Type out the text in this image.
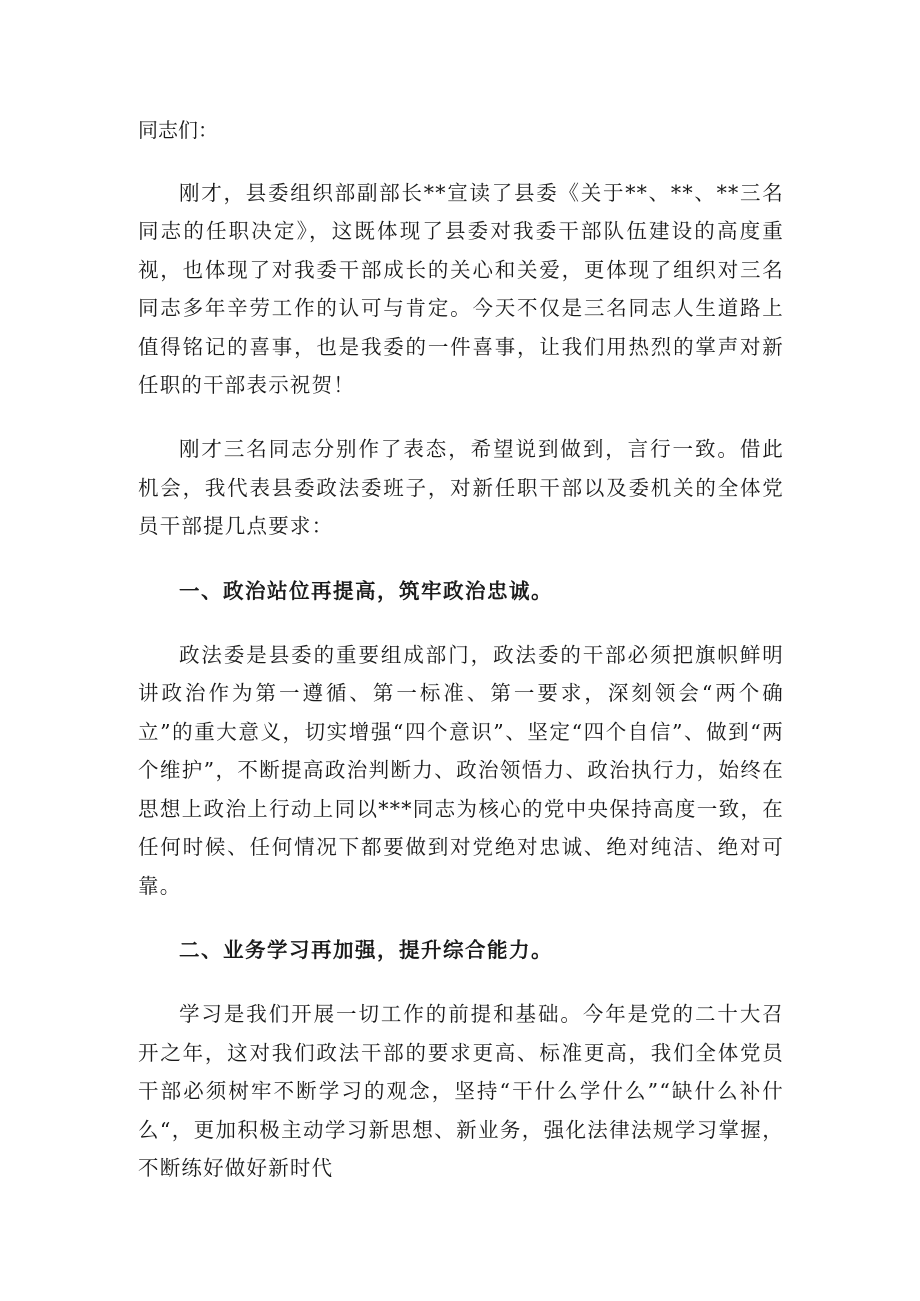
同志们：

刚才，县委组织部副部长**宣读了县委《关于**、**、**三名同志的任职决定》，这既体现了县委对我委干部队伍建设的高度重视，也体现了对我委干部成长的关心和关爱，更体现了组织对三名同志多年辛劳工作的认可与肯定。今天不仅是三名同志人生道路上值得铭记的喜事，也是我委的一件喜事，让我们用热烈的掌声对新任职的干部表示祝贺！

刚才三名同志分别作了表态，希望说到做到，言行一致。借此机会，我代表县委政法委班子，对新任职干部以及委机关的全体党员干部提几点要求：

一、政治站位再提高，筑牢政治忠诚。

政法委是县委的重要组成部门，政法委的干部必须把旗帜鲜明讲政治作为第一遵循、第一标准、第一要求，深刻领会“两个确立”的重大意义，切实增强“四个意识”、坚定“四个自信”、做到“两个维护”，不断提高政治判断力、政治领悟力、政治执行力，始终在思想上政治上行动上同以***同志为核心的党中央保持高度一致，在任何时候、任何情况下都要做到对党绝对忠诚、绝对纯洁、绝对可靠。

二、业务学习再加强，提升综合能力。

学习是我们开展一切工作的前提和基础。今年是党的二十大召开之年，这对我们政法干部的要求更高、标准更高，我们全体党员干部必须树牢不断学习的观念，坚持“干什么学什么”“缺什么补什么“，更加积极主动学习新思想、新业务，强化法律法规学习掌握，不断练好做好新时代
